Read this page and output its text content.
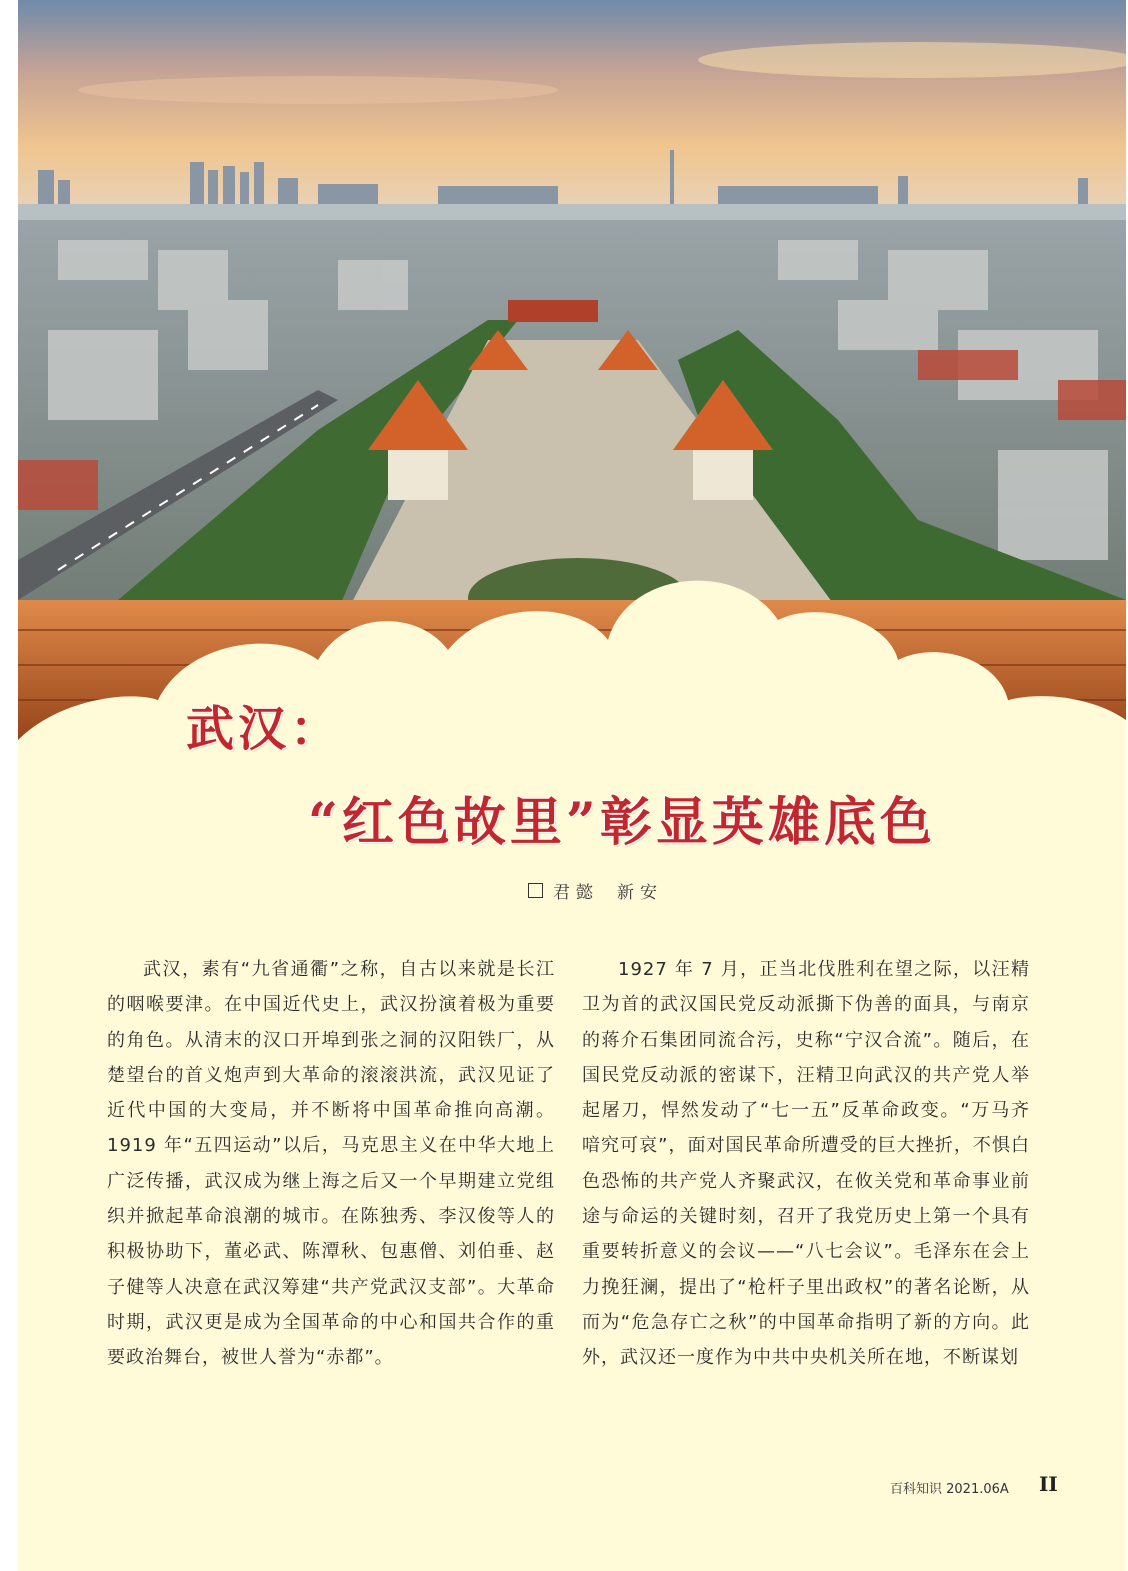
武汉：
“红色故里”彰显英雄底色
君懿 新安

武汉，素有“九省通衢”之称，自古以来就是长江的咽喉要津。在中国近代史上，武汉扮演着极为重要的角色。从清末的汉口开埠到张之洞的汉阳铁厂，从楚望台的首义炮声到大革命的滚滚洪流，武汉见证了近代中国的大变局，并不断将中国革命推向高潮。1919 年“五四运动”以后，马克思主义在中华大地上广泛传播，武汉成为继上海之后又一个早期建立党组织并掀起革命浪潮的城市。在陈独秀、李汉俊等人的积极协助下，董必武、陈潭秋、包惠僧、刘伯垂、赵子健等人决意在武汉筹建“共产党武汉支部”。大革命时期，武汉更是成为全国革命的中心和国共合作的重要政治舞台，被世人誉为“赤都”。

1927 年 7 月，正当北伐胜利在望之际，以汪精卫为首的武汉国民党反动派撕下伪善的面具，与南京的蒋介石集团同流合污，史称“宁汉合流”。随后，在国民党反动派的密谋下，汪精卫向武汉的共产党人举起屠刀，悍然发动了“七一五”反革命政变。“万马齐喑究可哀”，面对国民革命所遭受的巨大挫折，不惧白色恐怖的共产党人齐聚武汉，在攸关党和革命事业前途与命运的关键时刻，召开了我党历史上第一个具有重要转折意义的会议——“八七会议”。毛泽东在会上力挽狂澜，提出了“枪杆子里出政权”的著名论断，从而为“危急存亡之秋”的中国革命指明了新的方向。此外，武汉还一度作为中共中央机关所在地，不断谋划

百科知识 2021.06A II
